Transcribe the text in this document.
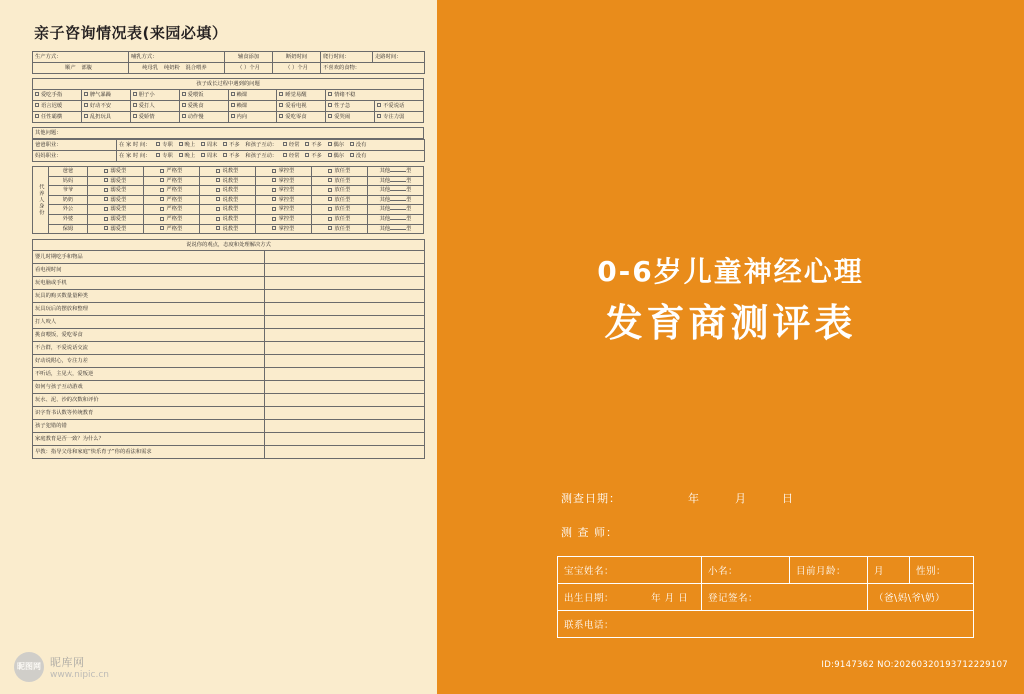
亲子咨询情况表(来园必填）
生产方式：	哺乳方式：	辅食添加	断奶时间	爬行时间：	走路时间：
顺产 部腹	纯母乳 纯奶粉 混合喂养	（ ）个月	（ ）个月	不喜欢的食物：	
孩子成长过程中遇到的问题							
爱吃手指	脾气暴躁	胆子小	爱喂饭	赖课	睡觉易醒	情绪不稳	
语言迟缓	好动不安	爱打人	爱挑食	赖课	爱看电视	性子急	不爱说话
任性霸横	乱扔玩具	爱娇情	动作慢	内向	爱吃零食	爱哭闹	专注力弱
其他问题：
爸爸职业：	在 家 时 间： 专职 晚上 周末 不多 和孩子互动： 经常 不多 偶尔 没有
妈妈职业：	在 家 时 间： 专职 晚上 周末 不多 和孩子互动： 经常 不多 偶尔 没有
代养人身份	爸爸	溺爱型	严格型	说教型	掌控型	放任型	其他 型
	妈妈	溺爱型	严格型	说教型	掌控型	放任型	其他 型
	爷爷	溺爱型	严格型	说教型	掌控型	放任型	其他 型
	奶奶	溺爱型	严格型	说教型	掌控型	放任型	其他 型
	外公	溺爱型	严格型	说教型	掌控型	放任型	其他 型
	外婆	溺爱型	严格型	说教型	掌控型	放任型	其他 型
	保姆	溺爱型	严格型	说教型	掌控型	放任型	其他 型
说说你的观点，态度和处理解决方式	
婴儿时期吃手和物品	
看电视时间	
玩电脑或手机	
玩具的购买数量量种类	
玩具玩后的摆放和整理	
打人咬人	
挑食喂饭，爱吃零食	
不合群，不爱说话交流	
好动说附心，专注力差	
不听话，主见大，爱叛逆	
如何与孩子互动游戏	
玩水、泥、沙的次数和评价	
识字背书认数等传统教育	
孩子犯错的错	
家庭教育是否一致？为什么？	
早教：指导父母和家庭“快乐育子”你的看法和需求	
昵图网 昵库网
www.nipic.cn
0-6岁儿童神经心理
发育商测评表
测查日期：	年	月	日
测 查 师：
宝宝姓名：	小名：	目前月龄：	月	性别：
出生日期： 年 月 日	登记签名：		（爸\妈\爷\奶）	
联系电话：				
ID:9147362 NO:20260320193712229107
